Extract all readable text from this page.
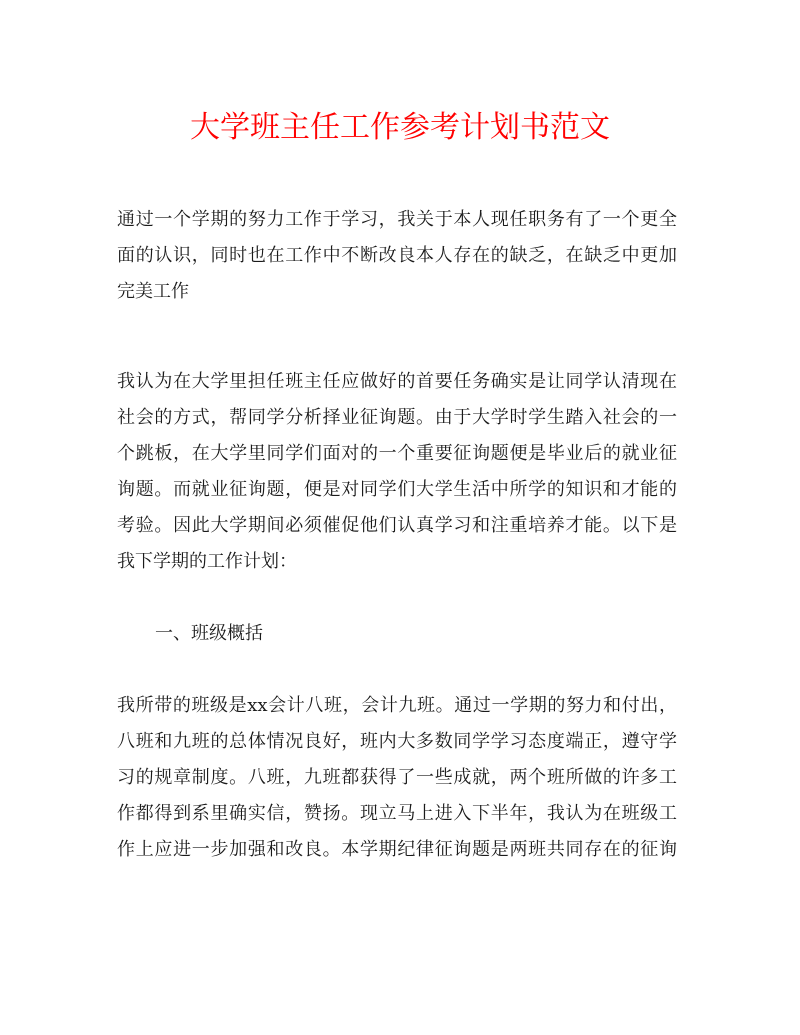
大学班主任工作参考计划书范文
通过一个学期的努力工作于学习，我关于本人现任职务有了一个更全
面的认识，同时也在工作中不断改良本人存在的缺乏，在缺乏中更加
完美工作
我认为在大学里担任班主任应做好的首要任务确实是让同学认清现在
社会的方式，帮同学分析择业征询题。由于大学时学生踏入社会的一
个跳板，在大学里同学们面对的一个重要征询题便是毕业后的就业征
询题。而就业征询题，便是对同学们大学生活中所学的知识和才能的
考验。因此大学期间必须催促他们认真学习和注重培养才能。以下是
我下学期的工作计划：
一、班级概括
我所带的班级是xx会计八班，会计九班。通过一学期的努力和付出，
八班和九班的总体情况良好，班内大多数同学学习态度端正，遵守学
习的规章制度。八班，九班都获得了一些成就，两个班所做的许多工
作都得到系里确实信，赞扬。现立马上进入下半年，我认为在班级工
作上应进一步加强和改良。本学期纪律征询题是两班共同存在的征询
